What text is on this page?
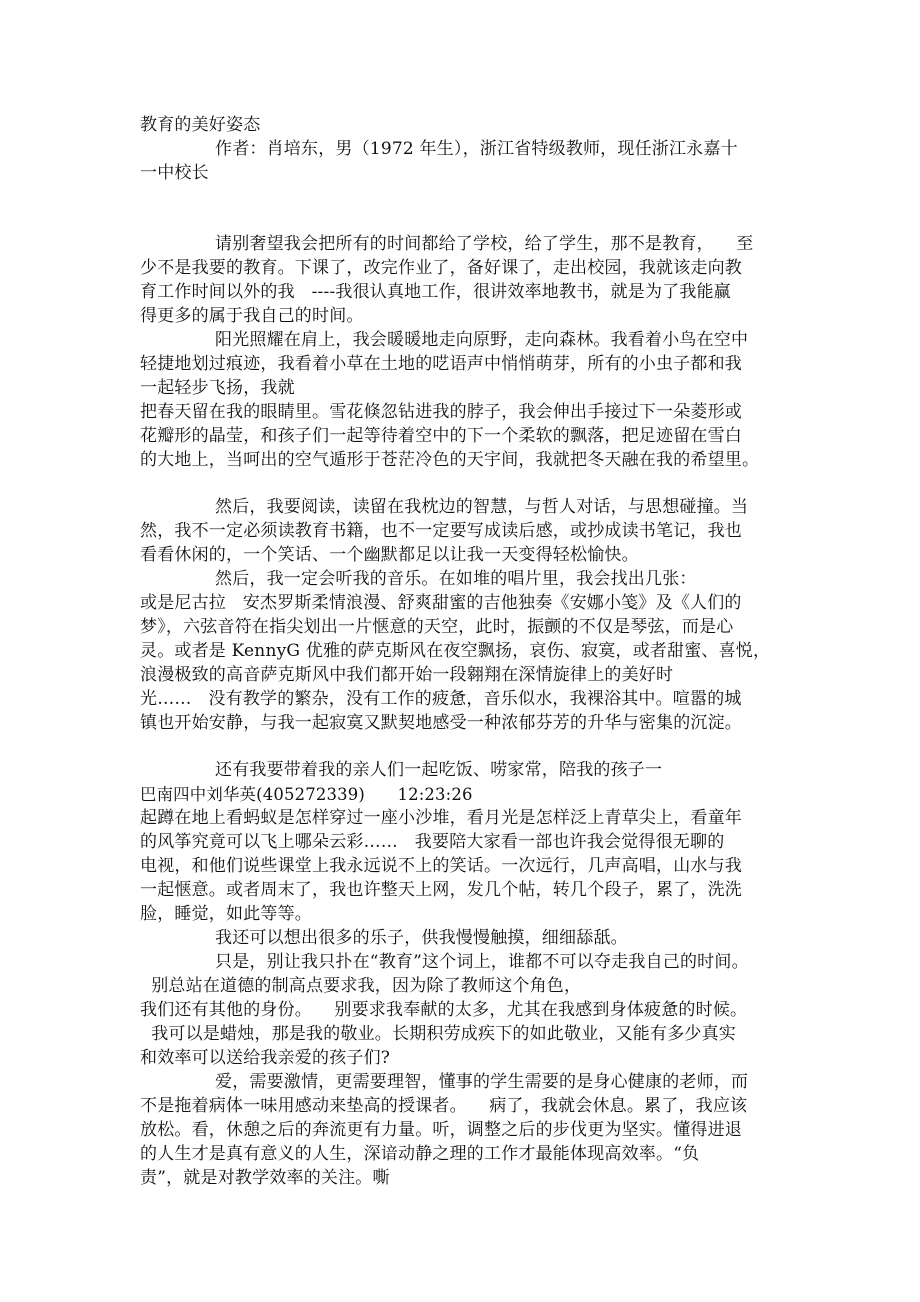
教育的美好姿态
作者：肖培东，男（1972 年生），浙江省特级教师，现任浙江永嘉十
一中校长
请别奢望我会把所有的时间都给了学校，给了学生，那不是教育，    至
少不是我要的教育。下课了，改完作业了，备好课了，走出校园，我就该走向教
育工作时间以外的我   ----我很认真地工作，很讲效率地教书，就是为了我能赢
得更多的属于我自己的时间。
阳光照耀在肩上，我会暖暖地走向原野，走向森林。我看着小鸟在空中
轻捷地划过痕迹，我看着小草在土地的呓语声中悄悄萌芽，所有的小虫子都和我
一起轻步飞扬，我就
把春天留在我的眼睛里。雪花倏忽钻进我的脖子，我会伸出手接过下一朵菱形或
花瓣形的晶莹，和孩子们一起等待着空中的下一个柔软的飘落，把足迹留在雪白
的大地上，当呵出的空气遁形于苍茫冷色的天宇间，我就把冬天融在我的希望里。
然后，我要阅读，读留在我枕边的智慧，与哲人对话，与思想碰撞。当
然，我不一定必须读教育书籍，也不一定要写成读后感，或抄成读书笔记，我也
看看休闲的，一个笑话、一个幽默都足以让我一天变得轻松愉快。
然后，我一定会听我的音乐。在如堆的唱片里，我会找出几张：
或是尼古拉   安杰罗斯柔情浪漫、舒爽甜蜜的吉他独奏《安娜小笺》及《人们的
梦》，六弦音符在指尖划出一片惬意的天空，此时，振颤的不仅是琴弦，而是心
灵。或者是 KennyG 优雅的萨克斯风在夜空飘扬，哀伤、寂寞，或者甜蜜、喜悦，
浪漫极致的高音萨克斯风中我们都开始一段翱翔在深情旋律上的美好时
光……   没有教学的繁杂，没有工作的疲惫，音乐似水，我裸浴其中。喧嚣的城
镇也开始安静，与我一起寂寞又默契地感受一种浓郁芬芳的升华与密集的沉淀。
还有我要带着我的亲人们一起吃饭、唠家常，陪我的孩子一
巴南四中刘华英(405272339)      12:23:26
起蹲在地上看蚂蚁是怎样穿过一座小沙堆，看月光是怎样泛上青草尖上，看童年
的风筝究竟可以飞上哪朵云彩……   我要陪大家看一部也许我会觉得很无聊的
电视，和他们说些课堂上我永远说不上的笑话。一次远行，几声高唱，山水与我
一起惬意。或者周末了，我也许整天上网，发几个帖，转几个段子，累了，洗洗
脸，睡觉，如此等等。
我还可以想出很多的乐子，供我慢慢触摸，细细舔舐。
只是，别让我只扑在“教育”这个词上，谁都不可以夺走我自己的时间。
别总站在道德的制高点要求我，因为除了教师这个角色，
我们还有其他的身份。    别要求我奉献的太多，尤其在我感到身体疲惫的时候。
我可以是蜡烛，那是我的敬业。长期积劳成疾下的如此敬业，又能有多少真实
和效率可以送给我亲爱的孩子们?
爱，需要激情，更需要理智，懂事的学生需要的是身心健康的老师，而
不是拖着病体一味用感动来垫高的授课者。    病了，我就会休息。累了，我应该
放松。看，休憩之后的奔流更有力量。听，调整之后的步伐更为坚实。懂得进退
的人生才是真有意义的人生，深谙动静之理的工作才最能体现高效率。“负
责”，就是对教学效率的关注。嘶
